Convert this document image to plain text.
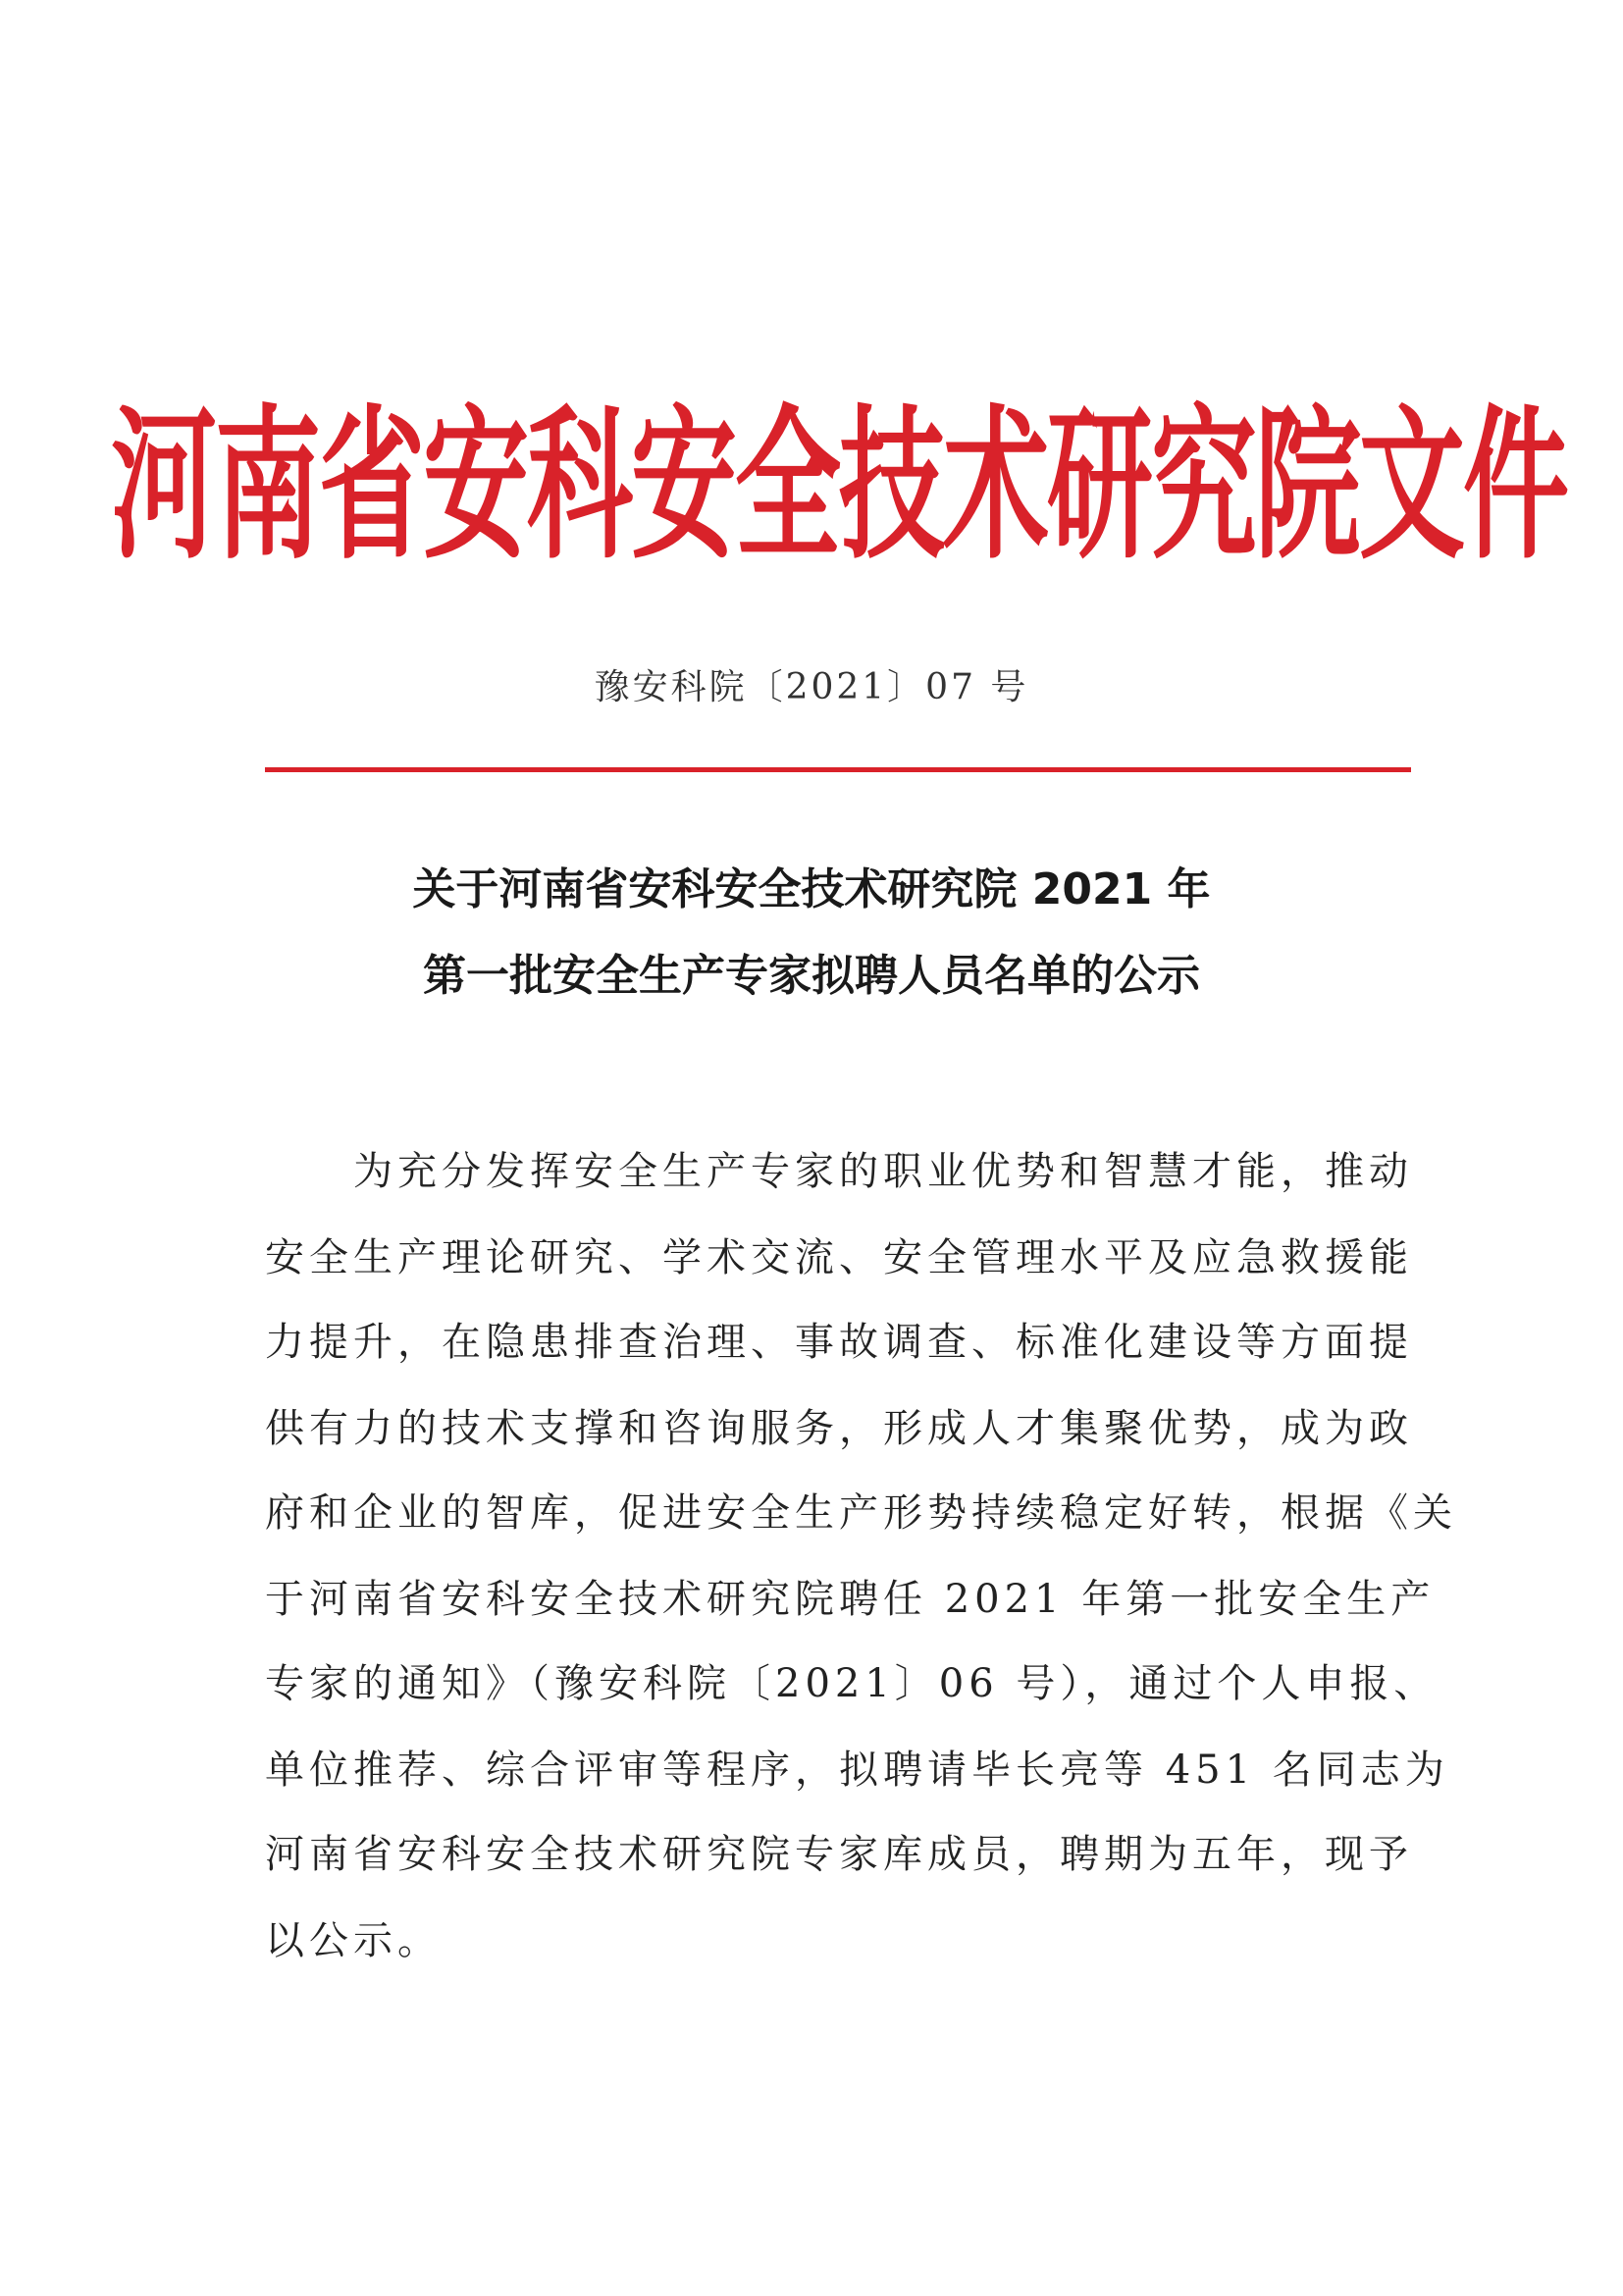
河南省安科安全技术研究院文件
豫安科院〔2021〕07 号
关于河南省安科安全技术研究院 2021 年
第一批安全生产专家拟聘人员名单的公示
为充分发挥安全生产专家的职业优势和智慧才能，推动
安全生产理论研究、学术交流、安全管理水平及应急救援能
力提升，在隐患排查治理、事故调查、标准化建设等方面提
供有力的技术支撑和咨询服务，形成人才集聚优势，成为政
府和企业的智库，促进安全生产形势持续稳定好转，根据《关
于河南省安科安全技术研究院聘任 2021 年第一批安全生产
专家的通知》（豫安科院〔2021〕06 号），通过个人申报、
单位推荐、综合评审等程序，拟聘请毕长亮等 451 名同志为
河南省安科安全技术研究院专家库成员，聘期为五年，现予
以公示。
